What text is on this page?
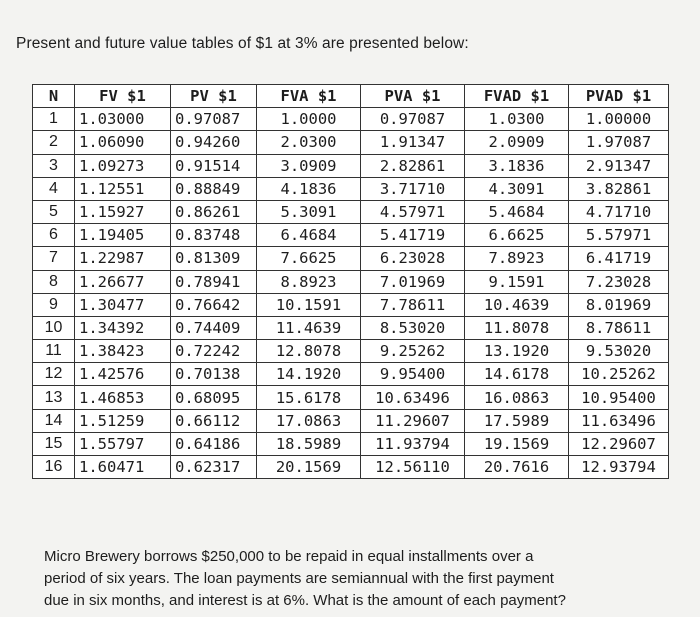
Present and future value tables of $1 at 3% are presented below:
N	FV $1	PV $1	FVA $1	PVA $1	FVAD $1	PVAD $1
1	1.03000	0.97087	1.0000	0.97087	1.0300	1.00000
2	1.06090	0.94260	2.0300	1.91347	2.0909	1.97087
3	1.09273	0.91514	3.0909	2.82861	3.1836	2.91347
4	1.12551	0.88849	4.1836	3.71710	4.3091	3.82861
5	1.15927	0.86261	5.3091	4.57971	5.4684	4.71710
6	1.19405	0.83748	6.4684	5.41719	6.6625	5.57971
7	1.22987	0.81309	7.6625	6.23028	7.8923	6.41719
8	1.26677	0.78941	8.8923	7.01969	9.1591	7.23028
9	1.30477	0.76642	10.1591	7.78611	10.4639	8.01969
10	1.34392	0.74409	11.4639	8.53020	11.8078	8.78611
11	1.38423	0.72242	12.8078	9.25262	13.1920	9.53020
12	1.42576	0.70138	14.1920	9.95400	14.6178	10.25262
13	1.46853	0.68095	15.6178	10.63496	16.0863	10.95400
14	1.51259	0.66112	17.0863	11.29607	17.5989	11.63496
15	1.55797	0.64186	18.5989	11.93794	19.1569	12.29607
16	1.60471	0.62317	20.1569	12.56110	20.7616	12.93794

Micro Brewery borrows $250,000 to be repaid in equal installments over a

period of six years. The loan payments are semiannual with the first payment

due in six months, and interest is at 6%. What is the amount of each payment?
